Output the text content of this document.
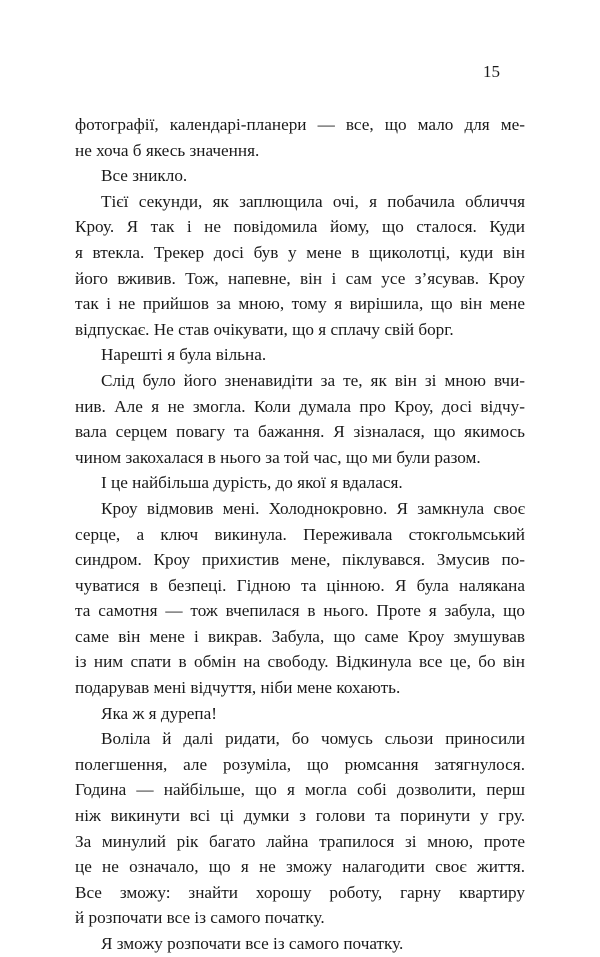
15
фотографії, календарі-планери — все, що мало для ме-
не хоча б якесь значення.
Все зникло.
Тієї секунди, як заплющила очі, я побачила обличчя
Кроу. Я так і не повідомила йому, що сталося. Куди
я втекла. Трекер досі був у мене в щиколотці, куди він
його вживив. Тож, напевне, він і сам усе з’ясував. Кроу
так і не прийшов за мною, тому я вирішила, що він мене
відпускає. Не став очікувати, що я сплачу свій борг.
Нарешті я була вільна.
Слід було його зненавидіти за те, як він зі мною вчи-
нив. Але я не змогла. Коли думала про Кроу, досі відчу-
вала серцем повагу та бажання. Я зізналася, що якимось
чином закохалася в нього за той час, що ми були разом.
І це найбільша дурість, до якої я вдалася.
Кроу відмовив мені. Холоднокровно. Я замкнула своє
серце, а ключ викинула. Переживала стокгольмський
синдром. Кроу прихистив мене, піклувався. Змусив по-
чуватися в безпеці. Гідною та цінною. Я була налякана
та самотня — тож вчепилася в нього. Проте я забула, що
саме він мене і викрав. Забула, що саме Кроу змушував
із ним спати в обмін на свободу. Відкинула все це, бо він
подарував мені відчуття, ніби мене кохають.
Яка ж я дурепа!
Воліла й далі ридати, бо чомусь сльози приносили
полегшення, але розуміла, що рюмсання затягнулося.
Година — найбільше, що я могла собі дозволити, перш
ніж викинути всі ці думки з голови та поринути у гру.
За минулий рік багато лайна трапилося зі мною, проте
це не означало, що я не зможу налагодити своє життя.
Все зможу: знайти хорошу роботу, гарну квартиру
й розпочати все із самого початку.
Я зможу розпочати все із самого початку.
